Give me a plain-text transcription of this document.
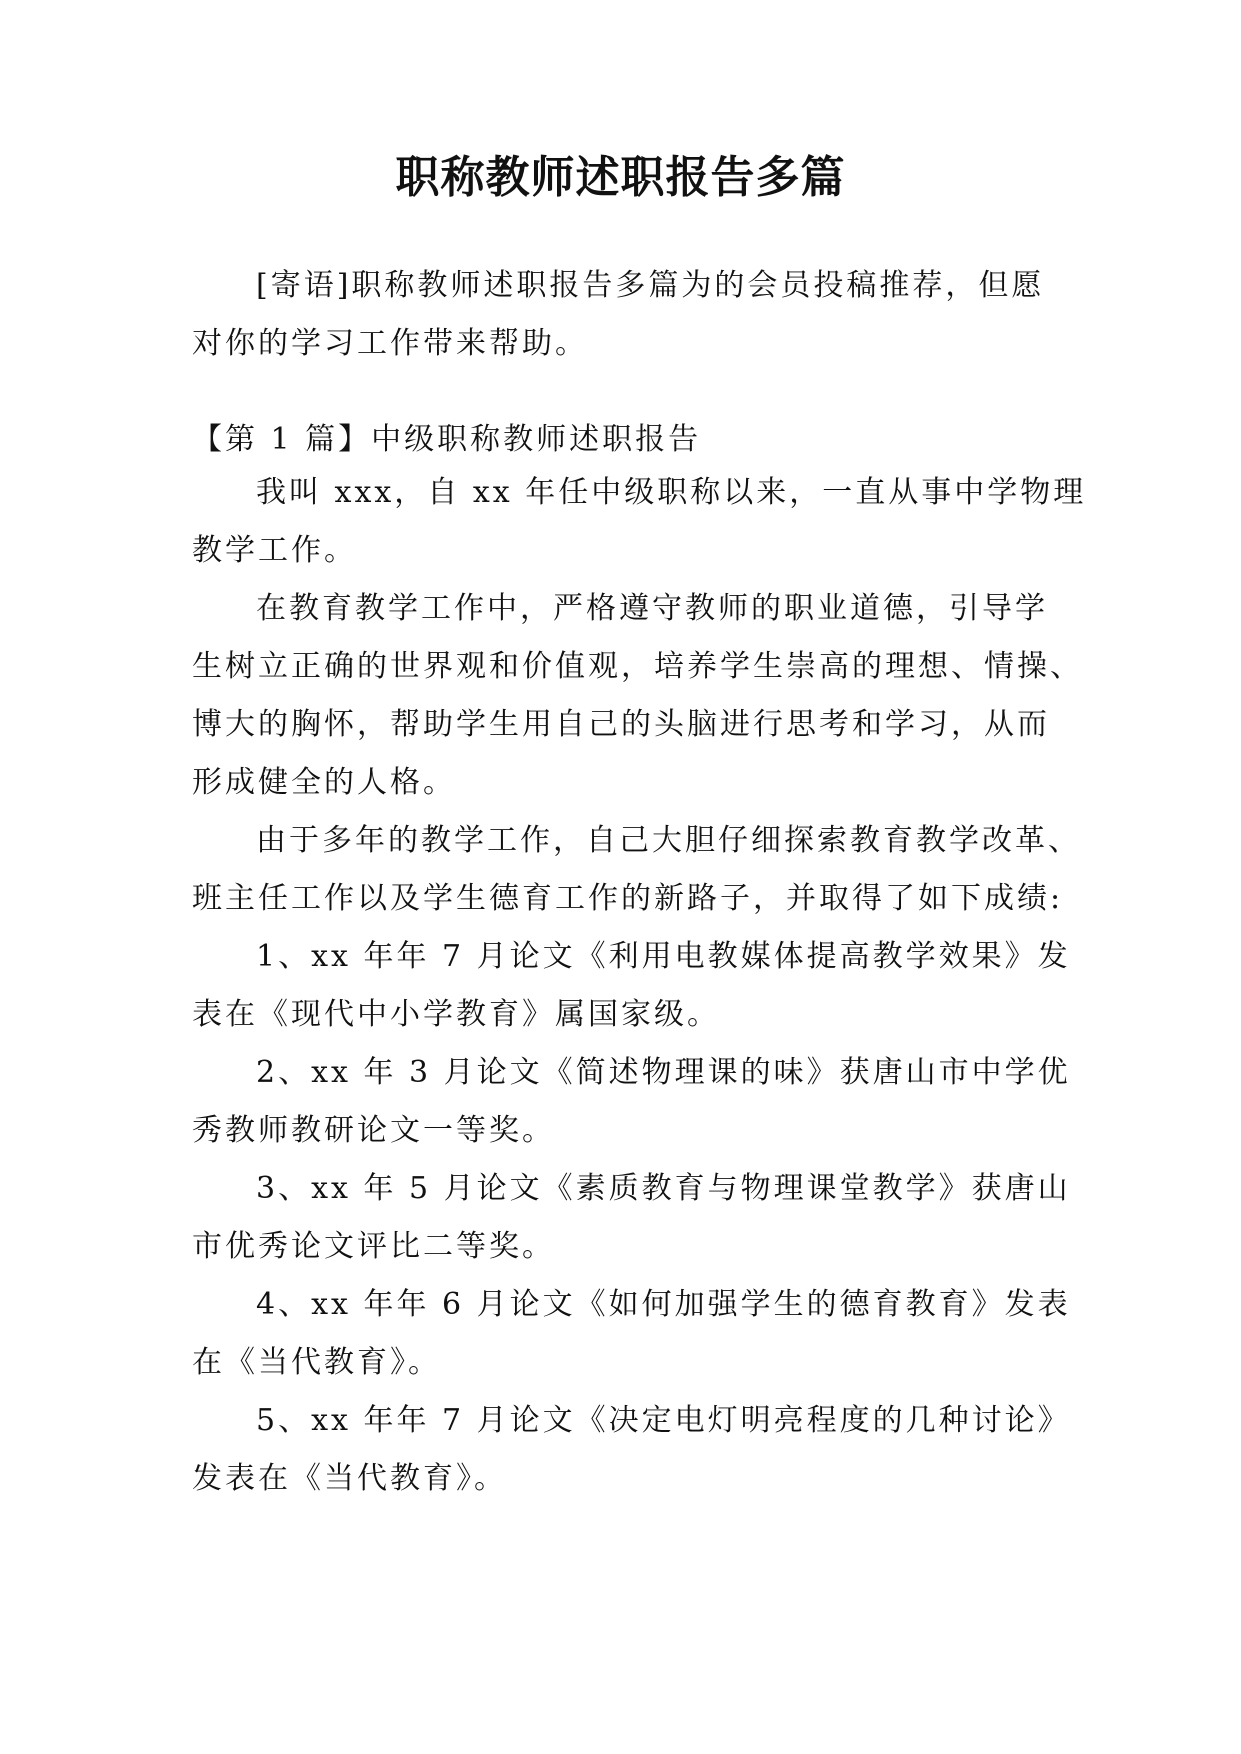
职称教师述职报告多篇
[寄语]职称教师述职报告多篇为的会员投稿推荐，但愿
对你的学习工作带来帮助。
【第 1 篇】中级职称教师述职报告
我叫 xxx，自 xx 年任中级职称以来，一直从事中学物理
教学工作。
在教育教学工作中，严格遵守教师的职业道德，引导学
生树立正确的世界观和价值观，培养学生崇高的理想、情操、
博大的胸怀，帮助学生用自己的头脑进行思考和学习，从而
形成健全的人格。
由于多年的教学工作，自己大胆仔细探索教育教学改革、
班主任工作以及学生德育工作的新路子，并取得了如下成绩:
1、xx 年年 7 月论文《利用电教媒体提高教学效果》发
表在《现代中小学教育》属国家级。
2、xx 年 3 月论文《简述物理课的味》获唐山市中学优
秀教师教研论文一等奖。
3、xx 年 5 月论文《素质教育与物理课堂教学》获唐山
市优秀论文评比二等奖。
4、xx 年年 6 月论文《如何加强学生的德育教育》发表
在《当代教育》。
5、xx 年年 7 月论文《决定电灯明亮程度的几种讨论》
发表在《当代教育》。
